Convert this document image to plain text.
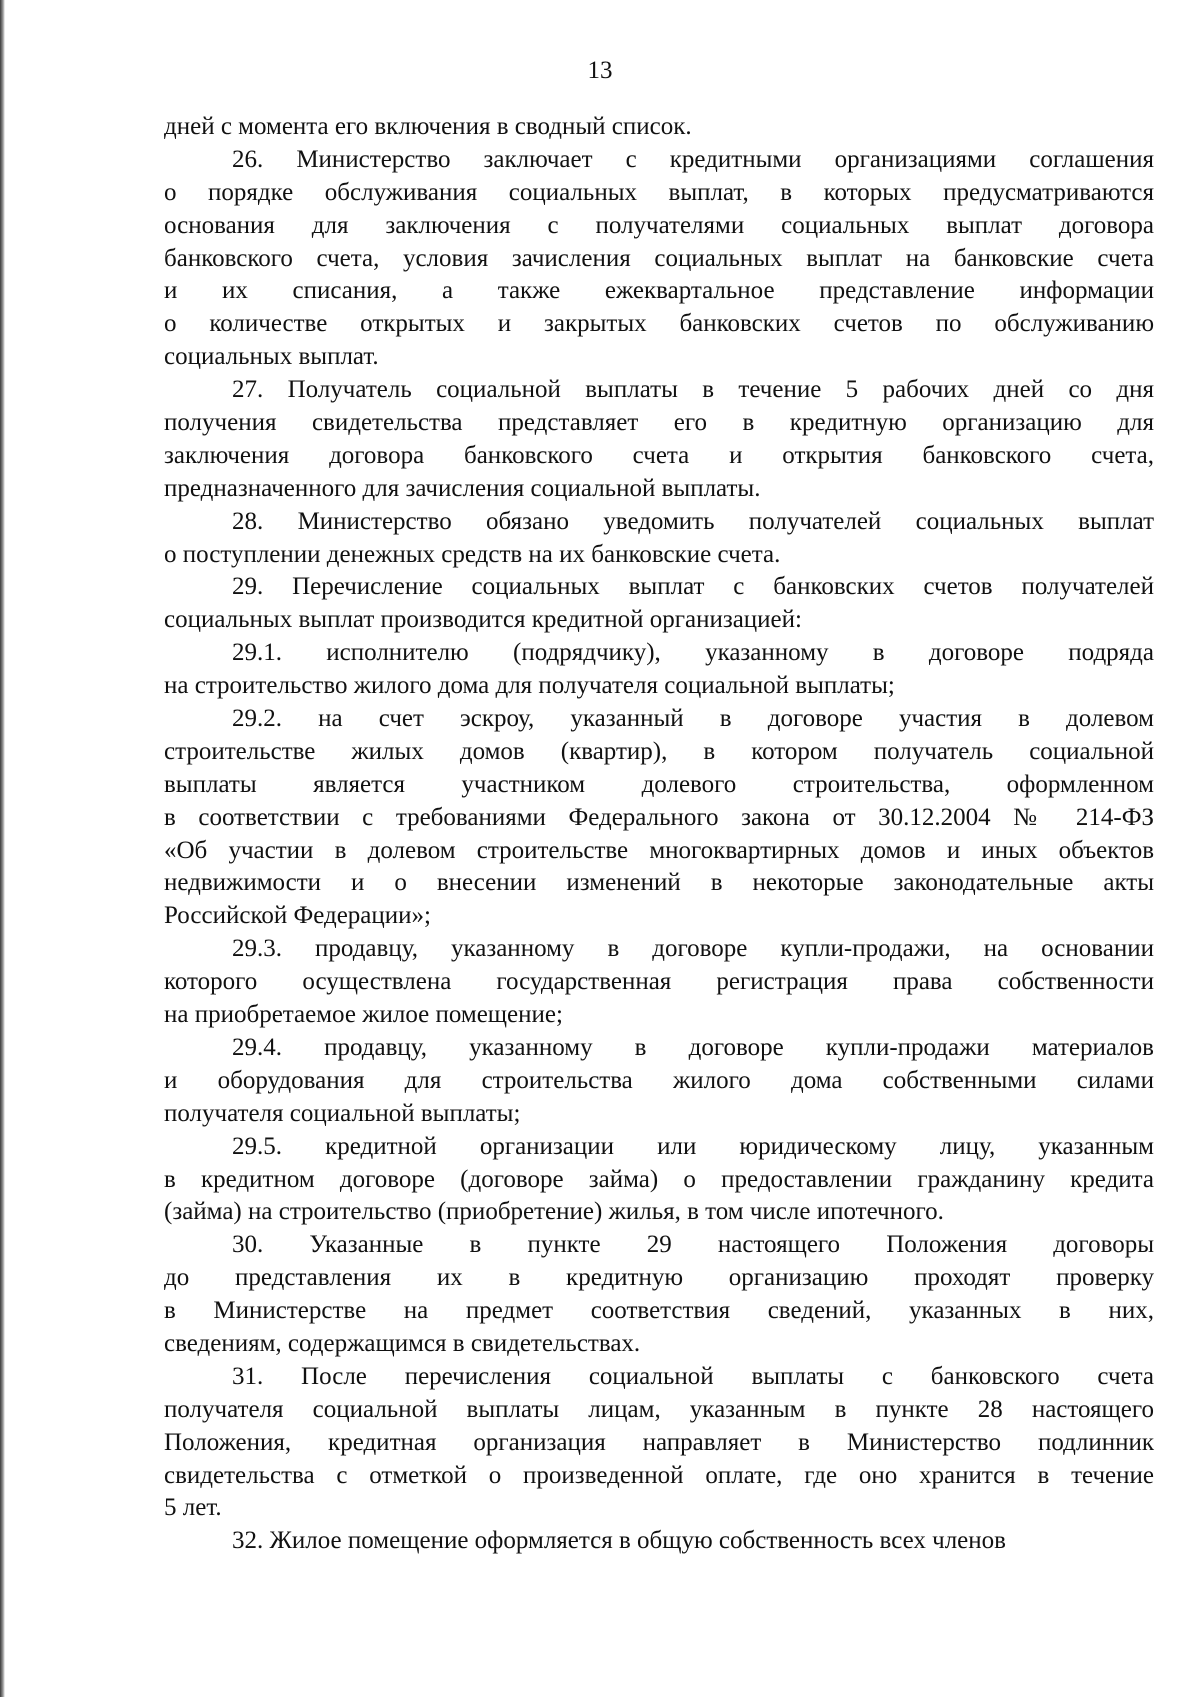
13
дней с момента его включения в сводный список.
26. Министерство заключает с кредитными организациями соглашения
о порядке обслуживания социальных выплат, в которых предусматриваются
основания для заключения с получателями социальных выплат договора
банковского счета, условия зачисления социальных выплат на банковские счета
и их списания, а также ежеквартальное представление информации
о количестве открытых и закрытых банковских счетов по обслуживанию
социальных выплат.
27. Получатель социальной выплаты в течение 5 рабочих дней со дня
получения свидетельства представляет его в кредитную организацию для
заключения договора банковского счета и открытия банковского счета,
предназначенного для зачисления социальной выплаты.
28. Министерство обязано уведомить получателей социальных выплат
о поступлении денежных средств на их банковские счета.
29. Перечисление социальных выплат с банковских счетов получателей
социальных выплат производится кредитной организацией:
29.1. исполнителю (подрядчику), указанному в договоре подряда
на строительство жилого дома для получателя социальной выплаты;
29.2. на счет эскроу, указанный в договоре участия в долевом
строительстве жилых домов (квартир), в котором получатель социальной
выплаты является участником долевого строительства, оформленном
в соответствии с требованиями Федерального закона от 30.12.2004 № 214-ФЗ
«Об участии в долевом строительстве многоквартирных домов и иных объектов
недвижимости и о внесении изменений в некоторые законодательные акты
Российской Федерации»;
29.3. продавцу, указанному в договоре купли-продажи, на основании
которого осуществлена государственная регистрация права собственности
на приобретаемое жилое помещение;
29.4. продавцу, указанному в договоре купли-продажи материалов
и оборудования для строительства жилого дома собственными силами
получателя социальной выплаты;
29.5. кредитной организации или юридическому лицу, указанным
в кредитном договоре (договоре займа) о предоставлении гражданину кредита
(займа) на строительство (приобретение) жилья, в том числе ипотечного.
30. Указанные в пункте 29 настоящего Положения договоры
до представления их в кредитную организацию проходят проверку
в Министерстве на предмет соответствия сведений, указанных в них,
сведениям, содержащимся в свидетельствах.
31. После перечисления социальной выплаты с банковского счета
получателя социальной выплаты лицам, указанным в пункте 28 настоящего
Положения, кредитная организация направляет в Министерство подлинник
свидетельства с отметкой о произведенной оплате, где оно хранится в течение
5 лет.
32. Жилое помещение оформляется в общую собственность всех членов
